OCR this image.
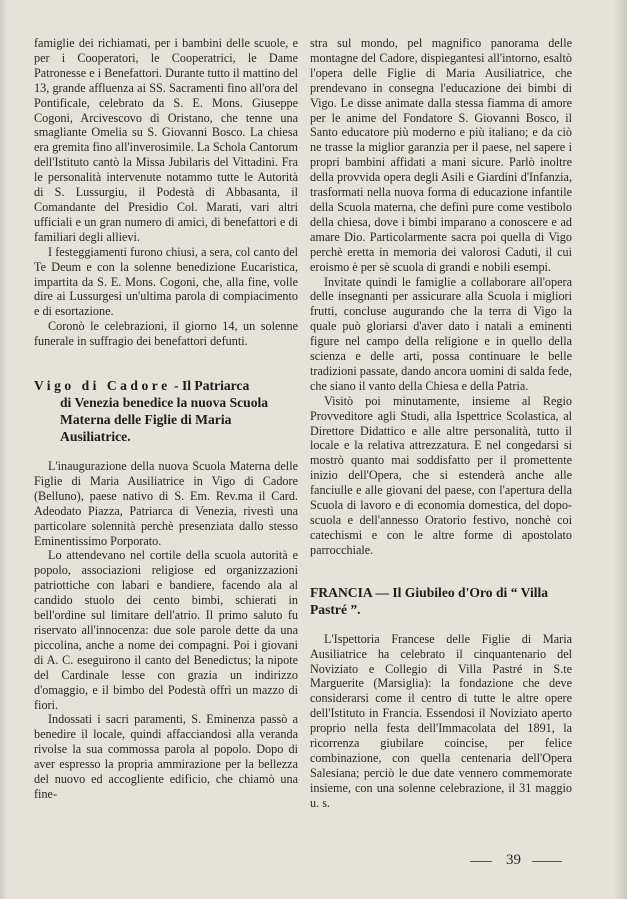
famiglie dei richiamati, per i bambini delle scuole, e per i Cooperatori, le Cooperatrici, le Dame Patronesse e i Benefattori. Durante tutto il mattino del 13, grande affluenza ai SS. Sacramenti fino all'ora del Pontificale, celebrato da S. E. Mons. Giuseppe Cogoni, Arcivescovo di Oristano, che tenne una smagliante Omelia su S. Giovanni Bosco. La chiesa era gremita fino all'inverosimile. La Schola Cantorum dell'Istituto cantò la Missa Jubilaris del Vittadini. Fra le personalità intervenute notammo tutte le Autorità di S. Lussurgiu, il Podestà di Abbasanta, il Comandante del Presidio Col. Marati, vari altri ufficiali e un gran numero di amici, di benefattori e di familiari degli allievi.

I festeggiamenti furono chiusi, a sera, col canto del Te Deum e con la solenne benedizione Eucaristica, impartita da S. E. Mons. Cogoni, che, alla fine, volle dire ai Lussurgesi un'ultima parola di compiacimento e di esortazione.

Coronò le celebrazioni, il giorno 14, un solenne funerale in suffragio dei benefattori defunti.

Vigo di Cadore - Il Patriarca
di Venezia benedice la nuova Scuola Materna delle Figlie di Maria Ausiliatrice.

L'inaugurazione della nuova Scuola Materna delle Figlie di Maria Ausiliatrice in Vigo di Cadore (Belluno), paese nativo di S. Em. Rev.ma il Card. Adeodato Piazza, Patriarca di Venezia, rivestì una particolare solennità perchè presenziata dallo stesso Eminentissimo Porporato.

Lo attendevano nel cortile della scuola autorità e popolo, associazioni religiose ed organizzazioni patriottiche con labari e bandiere, facendo ala al candido stuolo dei cento bimbi, schierati in bell'ordine sul limitare dell'atrio. Il primo saluto fu riservato all'innocenza: due sole parole dette da una piccolina, anche a nome dei compagni. Poi i giovani di A. C. eseguirono il canto del Benedictus; la nipote del Cardinale lesse con grazia un indirizzo d'omaggio, e il bimbo del Podestà offrì un mazzo di fiori.

Indossati i sacri paramenti, S. Eminenza passò a benedire il locale, quindi affacciandosi alla veranda rivolse la sua commossa parola al popolo. Dopo di aver espresso la propria ammirazione per la bellezza del nuovo ed accogliente edificio, che chiamò una fine-

stra sul mondo, pel magnifico panorama delle montagne del Cadore, dispiegantesi all'intorno, esaltò l'opera delle Figlie di Maria Ausiliatrice, che prendevano in consegna l'educazione dei bimbi di Vigo. Le disse animate dalla stessa fiamma di amore per le anime del Fondatore S. Giovanni Bosco, il Santo educatore più moderno e più italiano; e da ciò ne trasse la miglior garanzia per il paese, nel sapere i propri bambini affidati a mani sicure. Parlò inoltre della provvida opera degli Asili e Giardini d'Infanzia, trasformati nella nuova forma di educazione infantile della Scuola materna, che definì pure come vestibolo della chiesa, dove i bimbi imparano a conoscere e ad amare Dio. Particolarmente sacra poi quella di Vigo perchè eretta in memoria dei valorosi Caduti, il cui eroismo è per sè scuola di grandi e nobili esempi.

Invitate quindi le famiglie a collaborare all'opera delle insegnanti per assicurare alla Scuola i migliori frutti, concluse augurando che la terra di Vigo la quale può gloriarsi d'aver dato i natali a eminenti figure nel campo della religione e in quello della scienza e delle arti, possa continuare le belle tradizioni passate, dando ancora uomini di salda fede, che siano il vanto della Chiesa e della Patria.

Visitò poi minutamente, insieme al Regio Provveditore agli Studi, alla Ispettrice Scolastica, al Direttore Didattico e alle altre personalità, tutto il locale e la relativa attrezzatura. E nel congedarsi si mostrò quanto mai soddisfatto per il promettente inizio dell'Opera, che si estenderà anche alle fanciulle e alle giovani del paese, con l'apertura della Scuola di lavoro e di economia domestica, del dopo-scuola e dell'annesso Oratorio festivo, nonchè coi catechismi e con le altre forme di apostolato parrocchiale.

FRANCIA — Il Giubileo d'Oro di “ Villa Pastré ”.

L'Ispettoria Francese delle Figlie di Maria Ausiliatrice ha celebrato il cinquantenario del Noviziato e Collegio di Villa Pastré in S.te Marguerite (Marsiglia): la fondazione che deve considerarsi come il centro di tutte le altre opere dell'Istituto in Francia. Essendosi il Noviziato aperto proprio nella festa dell'Immacolata del 1891, la ricorrenza giubilare coincise, per felice combinazione, con quella centenaria dell'Opera Salesiana; perciò le due date vennero commemorate insieme, con una solenne celebrazione, il 31 maggio u. s.

39
